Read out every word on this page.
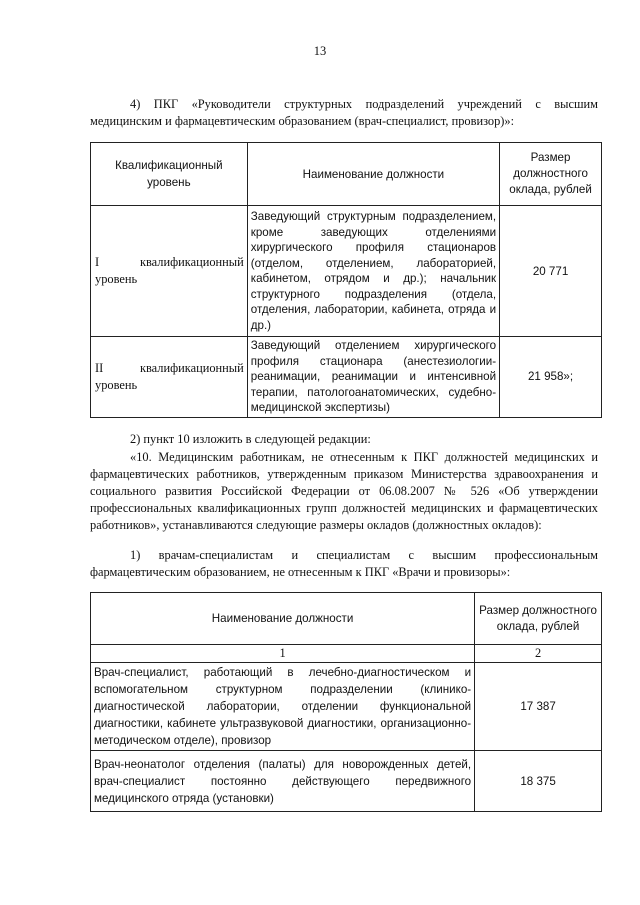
13
4) ПКГ «Руководители структурных подразделений учреждений с высшим медицинским и фармацевтическим образованием (врач-специалист, провизор)»:
Квалификационный уровень	Наименование должности	Размер должностного оклада, рублей
I квалификационный уровень	Заведующий структурным подразделением, кроме заведующих отделениями хирургического профиля стационаров (отделом, отделением, лабораторией, кабинетом, отрядом и др.); начальник структурного подразделения (отдела, отделения, лаборатории, кабинета, отряда и др.)	20 771
II квалификационный уровень	Заведующий отделением хирургического профиля стационара (анестезиологии-реанимации, реанимации и интенсивной терапии, патологоанатомических, судебно-медицинской экспертизы)	21 958»;
2) пункт 10 изложить в следующей редакции:
«10. Медицинским работникам, не отнесенным к ПКГ должностей медицинских и фармацевтических работников, утвержденным приказом Министерства здравоохранения и социального развития Российской Федерации от 06.08.2007 № 526 «Об утверждении профессиональных квалификационных групп должностей медицинских и фармацевтических работников», устанавливаются следующие размеры окладов (должностных окладов):
1) врачам-специалистам и специалистам с высшим профессиональным фармацевтическим образованием, не отнесенным к ПКГ «Врачи и провизоры»:
Наименование должности	Размер должностного оклада, рублей
1	2
Врач-специалист, работающий в лечебно-диагностическом и вспомогательном структурном подразделении (клинико-диагностической лаборатории, отделении функциональной диагностики, кабинете ультразвуковой диагностики, организационно-методическом отделе), провизор	17 387
Врач-неонатолог отделения (палаты) для новорожденных детей, врач-специалист постоянно действующего передвижного медицинского отряда (установки)	18 375
